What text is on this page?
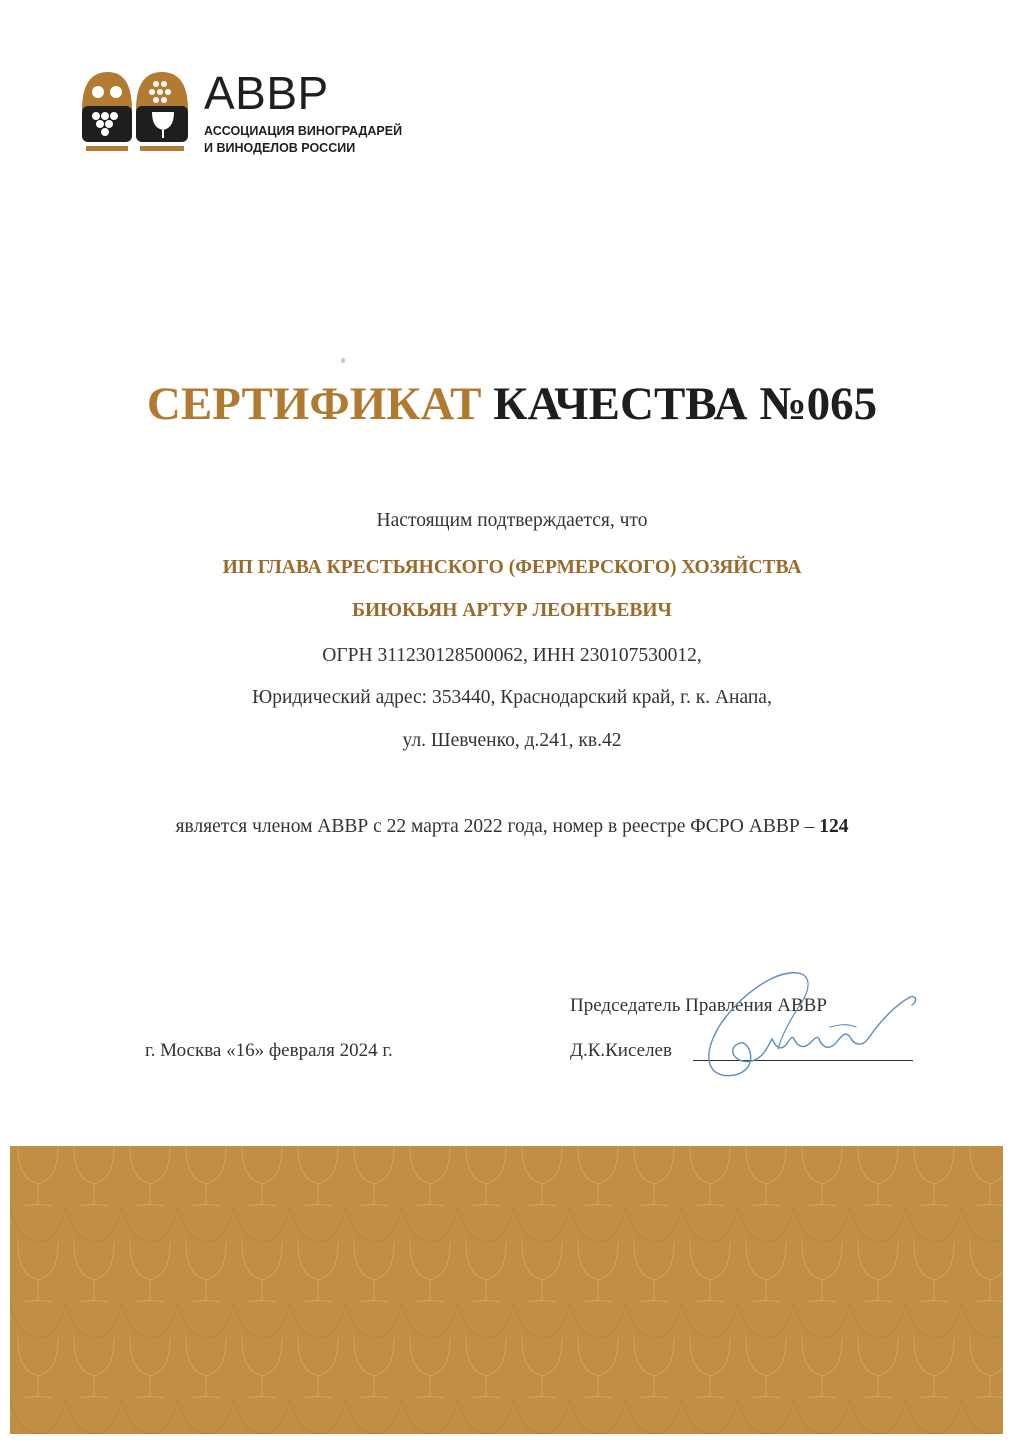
АВВР
АССОЦИАЦИЯ ВИНОГРАДАРЕЙ
И ВИНОДЕЛОВ РОССИИ
СЕРТИФИКАТ КАЧЕСТВА №065
Настоящим подтверждается, что
ИП ГЛАВА КРЕСТЬЯНСКОГО (ФЕРМЕРСКОГО) ХОЗЯЙСТВА
БИЮКЬЯН АРТУР ЛЕОНТЬЕВИЧ
ОГРН 311230128500062, ИНН 230107530012,
Юридический адрес: 353440, Краснодарский край, г. к. Анапа,
ул. Шевченко, д.241, кв.42
является членом АВВР с 22 марта 2022 года, номер в реестре ФСРО АВВР – 124
г. Москва «16» февраля 2024 г.
Председатель Правления АВВР
Д.К.Киселев
